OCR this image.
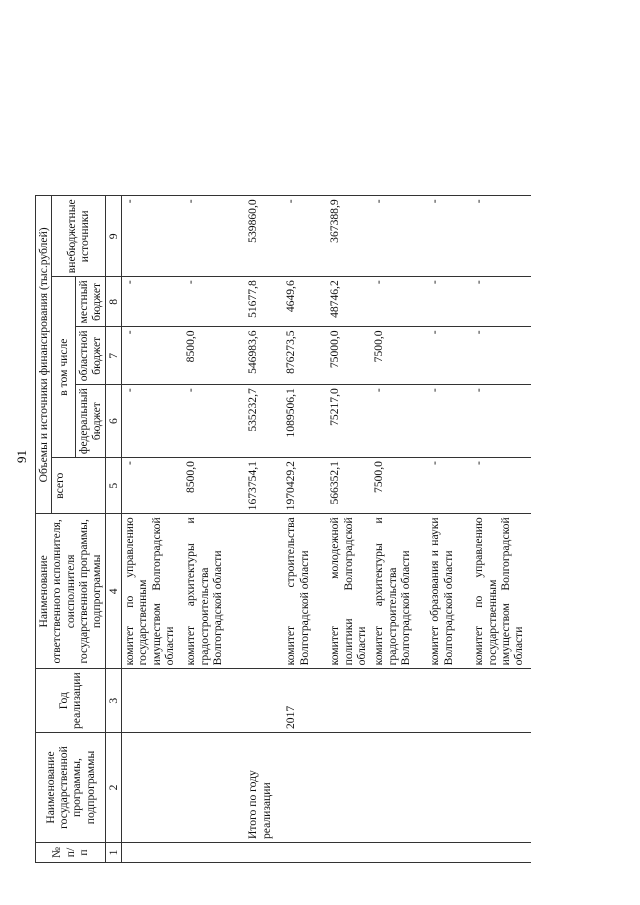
91
№ п/п	Наименование государственной программы, подпрограммы	Год реализации	Наименование ответственного исполнителя, соисполнителя государственной программы, подпрограммы	Объемы и источники финансирования (тыс.рублей)				
				всего	в том числе			внебюджетные источники
					федеральный бюджет	областной бюджет	местный бюджет	
1	2	3	4	5	6	7	8	9
			комитет по управлению государственным имуществом Волгоградской области	-	-	-	-	-
			комитет архитектуры и градостроительства Волгоградской области	8500,0	-	8500,0	-	-
	Итого по году реализации			1673754,1	535232,7	546983,6	51677,8	539860,0
		2017	комитет строительства Волгоградской области	1970429,2	1089506,1	876273,5	4649,6	-
			комитет молодежной политики Волгоградской области	566352,1	75217,0	75000,0	48746,2	367388,9
			комитет архитектуры и градостроительства Волгоградской области	7500,0	-	7500,0	-	-
			комитет образования и науки Волгоградской области	-	-	-	-	-
			комитет по управлению государственным имуществом Волгоградской области	-	-	-	-	-
